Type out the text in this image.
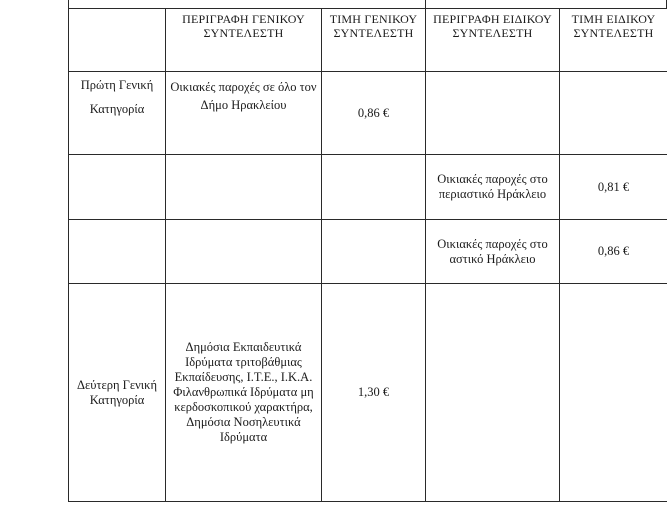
	ΠΕΡΙΓΡΑΦΗ ΓΕΝΙΚΟΥ ΣΥΝΤΕΛΕΣΤΗ	ΤΙΜΗ ΓΕΝΙΚΟΥ ΣΥΝΤΕΛΕΣΤΗ	ΠΕΡΙΓΡΑΦΗ ΕΙΔΙΚΟΥ ΣΥΝΤΕΛΕΣΤΗ	ΤΙΜΗ ΕΙΔΙΚΟΥ ΣΥΝΤΕΛΕΣΤΗ
Πρώτη Γενική Κατηγορία	Οικιακές παροχές σε όλο τον Δήμο Ηρακλείου	0,86 €		
			Οικιακές παροχές στο περιαστικό Ηράκλειο	0,81 €
			Οικιακές παροχές στο αστικό Ηράκλειο	0,86 €
Δεύτερη Γενική Κατηγορία	Δημόσια Εκπαιδευτικά Ιδρύματα τριτοβάθμιας Εκπαίδευσης, Ι.Τ.Ε., Ι.Κ.Α. Φιλανθρωπικά Ιδρύματα μη κερδοσκοπικού χαρακτήρα, Δημόσια Νοσηλευτικά Ιδρύματα	1,30 €		
